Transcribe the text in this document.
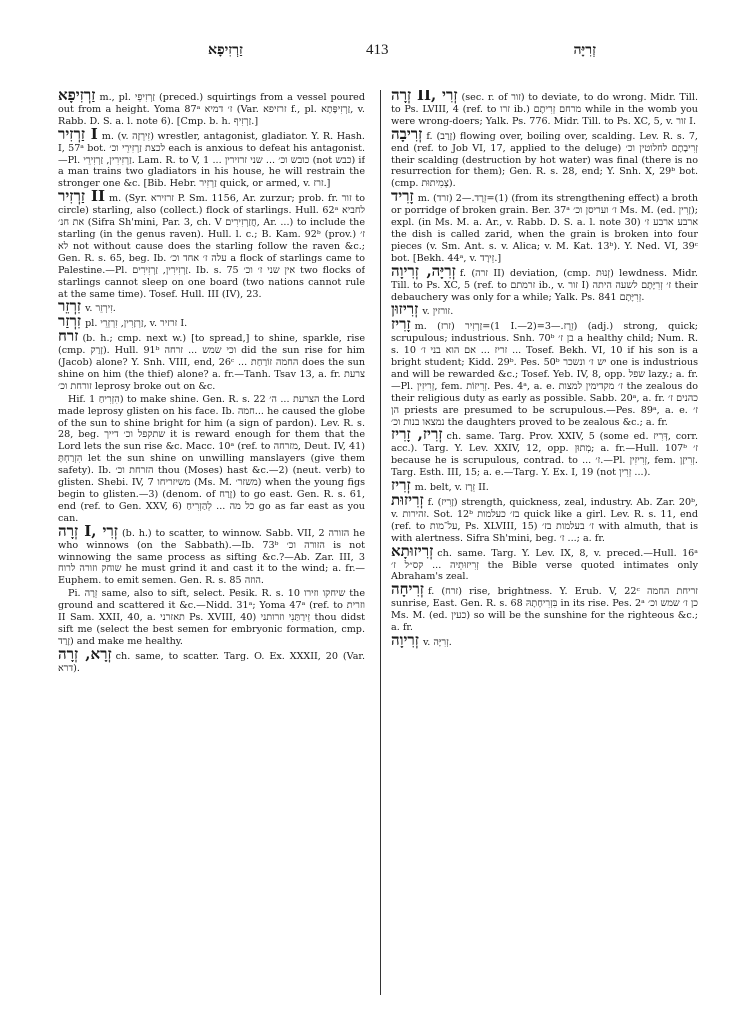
זַרְזִיפָא	413	זְרִיָּה

זַרְזִיפָא m., pl. זַרְזִיפֵי (preced.) squirtings from a vessel poured out from a height. Yoma 87ᵃ ז׳ דמיא (Var. זרזיפא f., pl. זַרְזִיפָּתָא, v. Rabb. D. S. a. l. note 6). [Cmp. b. h. זַרְזִיף.]

זַרְזִיר I m. (v. זִירְזָה) wrestler, antagonist, gladiator. Y. R. Hash. I, 57ᵃ bot. לכצת זַרְזִירֵי וכ׳ each is anxious to defeat his antagonist.—Pl. זַרְזִירִין, זַרְזִירֵי. Lam. R. to V, 1 ... כובש וכ׳ ... שני זרזירין (not כבש) if a man trains two gladiators in his house, he will restrain the stronger one &c. [Bib. Hebr. זַרְזִיר quick, or armed, v. זרז.]

זַרְזִיר II m. (Syr. זרזירא P. Sm. 1156, Ar. zurzur; prob. fr. זור to circle) starling, also (collect.) flock of starlings. Hull. 62ᵃ לחביא את חנ׳ (Sifra Sh'mini, Par. 3, ch. V חֲזַרְזִירִים, Ar. ...) to include the starling (in the genus raven). Hull. l. c.; B. Kam. 92ᵇ (prov.) ז׳ לא not without cause does the starling follow the raven &c.; Gen. R. s. 65, beg. Ib. עלה ז׳ אחד וכ׳ a flock of starlings came to Palestine.—Pl. זַרְזִירִין, זַרְזִירִים. Ib. s. 75 אין שני ז׳ וכ׳ two flocks of starlings cannot sleep on one board (two nations cannot rule at the same time). Tosef. Hull. III (IV), 23.

זִרְזֵר v. זִירְזֵר.

זִרְזַר pl. זַרְזָרִין, זִרְזְרֵי, v. זרזיר I.

זרח (b. h.; cmp. next w.) [to spread,] to shine, sparkle, rise (cmp. זָרַק). Hull. 91ᵇ וכי שמש ... זרחה did the sun rise for him (Jacob) alone? Y. Snh. VIII, end, 26ᶜ ... החמה זוֹרַחַת does the sun shine on him (the thief) alone? a. fr.—Tanh. Tsav 13, a. fr. צרעת זורחת וכ׳ leprosy broke out on &c.

Hif. הִזְרִיחַ 1) to make shine. Gen. R. s. 22 הצרעת ... ה׳ the Lord made leprosy glisten on his face. Ib. חמה... he caused the globe of the sun to shine bright for him (a sign of pardon). Lev. R. s. 28, beg. שתקפל וכ׳ דייך it is reward enough for them that the Lord lets the sun rise &c. Macc. 10ᵃ (ref. to מזרחה, Deut. IV, 41) הִזְרַחְתָּ let the sun shine on unwilling manslayers (give them safety). Ib. הזרחת וכ׳ thou (Moses) hast &c.—2) (neut. verb) to glisten. Shebi. IV, 7 משיזריחו (Ms. M. משזר׳) when the young figs begin to glisten.—3) (denom. of זָרַח) to go east. Gen. R. s. 61, end (ref. to Gen. XXV, 6) כל מה ... לְהַזְרִיחַ go as far east as you can.

זְרָה I, זְרִי (b. h.) to scatter, to winnow. Sabb. VII, 2 הזורה he who winnows (on the Sabbath).—Ib. 73ᵇ הזורה וכ׳ is not winnowing the same process as sifting &c.?—Ab. Zar. III, 3 שוחק וזורה לרוח he must grind it and cast it to the wind; a. fr.—Euphem. to emit semen. Gen. R. s. 85 הוזה.

Pi. זֵרָה same, also to sift, select. Pesik. R. s. 10 שיחקו וזירו the ground and scattered it &c.—Nidd. 31ᵃ; Yoma 47ᵃ (ref. to וזרית II Sam. XXII, 40, a. תאזרני Ps. XVIII, 40) זֵירַתַּנִי וזרותני thou didst sift me (select the best semen for embryonic formation, cmp. זָרַד) and make me healthy.

זְרָא, זְרָה ch. same, to scatter. Targ. O. Ex. XXXII, 20 (Var. דרא).

זְרָה II, זְרִי (sec. r. of זור) to deviate, to do wrong. Midr. Till. to Ps. LVIII, 4 (ref. to זרו ib.) מרחם זְרִיתֶם while in the womb you were wrong-doers; Yalk. Ps. 776. Midr. Till. to Ps. XC, 5, v. זור I.

זְרִיבָה f. (זָרַב) flowing over, boiling over, scalding. Lev. R. s. 7, end (ref. to Job VI, 17, applied to the deluge) זְרִיבָתָם לחלוטין וכ׳ their scalding (destruction by hot water) was final (there is no resurrection for them); Gen. R. s. 28, end; Y. Snh. X, 29ᵇ bot. (cmp. צְמִיתוּת).

זָרִיד m. (זרד) 1)=זֵרָד.—2) (from its strengthening effect) a broth or porridge of broken grain. Ber. 37ᵃ ז׳ ועריסן וכ׳ Ms. M. (ed. זָרִין); expl. (in Ms. M. a. Ar., v. Rabb. D. S. a. l. note 30) ארבע ארבע ז׳ the dish is called zarid, when the grain is broken into four pieces (v. Sm. Ant. s. v. Alica; v. M. Kat. 13ᵇ). Y. Ned. VI, 39ᶜ bot. [Bekh. 44ᵃ, v. זֵירָד.]

זְרִיָּה, זְרִיוָה f. (זרה II) deviation, (cmp. זְנוּת) lewdness. Midr. Till. to Ps. XC, 5 (ref. to זרמתם ib., v. זור I) ז׳ זְרִיָּתָם לשעה היתה their debauchery was only for a while; Yalk. Ps. 841 זְרִיָּתָם.

זְרִיזוּן v. זורזין.

זָרִיז m. (זרז) 1)=זַרְזִיר I.—2)=זֵרָז.—3) (adj.) strong, quick; scrupulous; industrious. Snh. 70ᵇ בן ז׳ a healthy child; Num. R. s. 10 זריז ... אם הוא בני ז׳ ... Tosef. Bekh. VI, 10 if his son is a bright student; Kidd. 29ᵇ. Pes. 50ᵇ יש ז׳ ונשכר one is industrious and will be rewarded &c.; Tosef. Yeb. IV, 8, opp. שפל lazy.; a. fr.—Pl. זְרִיזִין, fem. זְרִיזוֹת. Pes. 4ᵃ, a. e. ז׳ מקדימין למצות the zealous do their religious duty as early as possible. Sabb. 20ᵃ, a. fr. כהנים ז׳ הן priests are presumed to be scrupulous.—Pes. 89ᵃ, a. e. ז׳ נמצאו בנות וכ׳ the daughters proved to be zealous &c.; a. fr.

זְרִיז, זָרִיז ch. same. Targ. Prov. XXIV, 5 (some ed. דְּרִיז, corr. acc.). Targ. Y. Lev. XXIV, 12, opp. מְתוּן; a. fr.—Hull. 107ᵇ ז׳ because he is scrupulous, contrad. to ... ז׳.—Pl. זְרִיזִין, fem. זְרִיזָן. Targ. Esth. III, 15; a. e.—Targ. Y. Ex. I, 19 (not זְרִין ...).

זְרִיז m. belt, v. זֵרָז II.

זְרִיזוּת f. (זָרִיז) strength, quickness, zeal, industry. Ab. Zar. 20ᵇ, v. זהירות. Sot. 12ᵇ בז׳ כעלמות quick like a girl. Lev. R. s. 11, end (ref. to על־מות, Ps. XLVIII, 15) ז׳ בעלמות בז׳ with almuth, that is with alertness. Sifra Sh'mini, beg. ז׳ ...; a. fr.

זְרִיזוּתָא ch. same. Targ. Y. Lev. IX, 8, v. preced.—Hull. 16ᵃ זְרִיזוּתֵיה ... קס״ל ז׳ the Bible verse quoted intimates only Abraham's zeal.

זְרִיחָה f. (זרח) rise, brightness. Y. Erub. V, 22ᶜ זריחת החמה sunrise, East. Gen. R. s. 68 בִּזְרִיחָתָהּ in its rise. Pes. 2ᵃ כן ז׳ שמש וכ׳ Ms. M. (ed. כעין) so will be the sunshine for the righteous &c.; a. fr.

זְרִיוָה v. זְרִיָּה.
